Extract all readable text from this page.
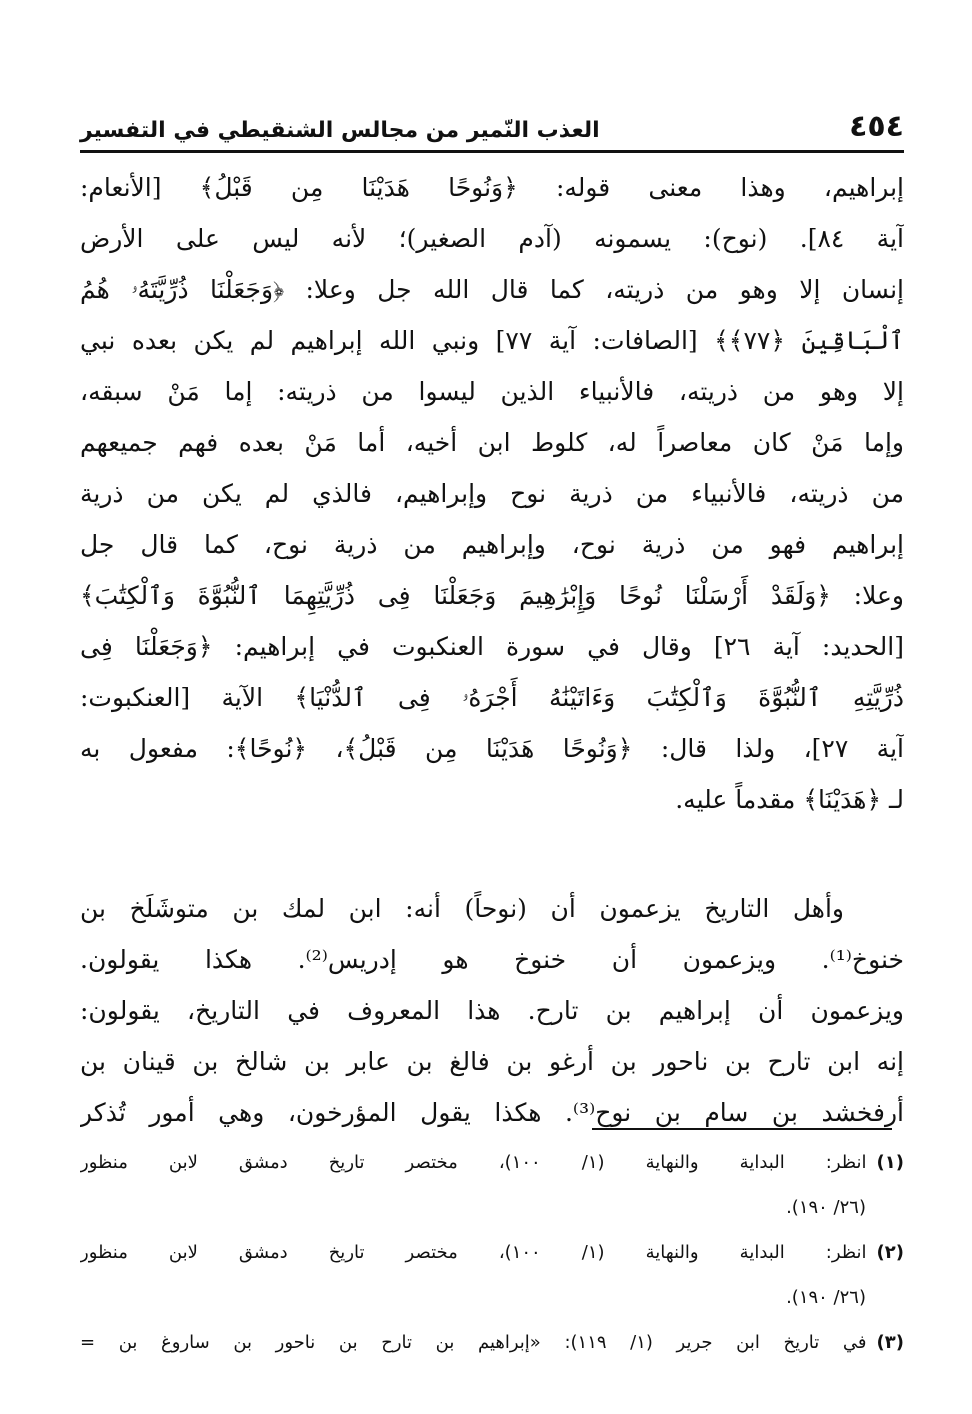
٤٥٤
العذب النّمير من مجالس الشنقيطي في التفسير
إبراهيم، وهذا معنى قوله: ﴿وَنُوحًا هَدَيْنَا مِن قَبْلُ﴾ [الأنعام:
آية ٨٤]. (نوح): يسمونه (آدم الصغير)؛ لأنه ليس على الأرض
إنسان إلا وهو من ذريته، كما قال الله جل وعلا: ﴿وَجَعَلْنَا ذُرِّيَّتَهُۥ هُمُ
ٱلْبَاقِينَ ﴿٧٧﴾﴾ [الصافات: آية ٧٧] ونبي الله إبراهيم لم يكن بعده نبي
إلا وهو من ذريته، فالأنبياء الذين ليسوا من ذريته: إما مَنْ سبقه،
وإما مَنْ كان معاصراً له، كلوط ابن أخيه، أما مَنْ بعده فهم جميعهم
من ذريته، فالأنبياء من ذرية نوح وإبراهيم، فالذي لم يكن من ذرية
إبراهيم فهو من ذرية نوح، وإبراهيم من ذرية نوح، كما قال جل
وعلا: ﴿وَلَقَدْ أَرْسَلْنَا نُوحًا وَإِبْرَٰهِيمَ وَجَعَلْنَا فِى ذُرِّيَّتِهِمَا ٱلنُّبُوَّةَ وَٱلْكِتَٰبَ﴾
[الحديد: آية ٢٦] وقال في سورة العنكبوت في إبراهيم: ﴿وَجَعَلْنَا فِى
ذُرِّيَّتِهِ ٱلنُّبُوَّةَ وَٱلْكِتَٰبَ وَءَاتَيْنَٰهُ أَجْرَهُۥ فِى ٱلدُّنْيَا﴾ الآية [العنكبوت:
آية ٢٧]، ولذا قال: ﴿وَنُوحًا هَدَيْنَا مِن قَبْلُ﴾، ﴿نُوحًا﴾: مفعول به
لـ ﴿هَدَيْنَا﴾ مقدماً عليه.
وأهل التاريخ يزعمون أن (نوحاً) أنه: ابن لمك بن متوشَلَخ بن
خنوخ⁽¹⁾. ويزعمون أن خنوخ هو إدريس⁽²⁾. هكذا يقولون.
ويزعمون أن إبراهيم بن تارح. هذا المعروف في التاريخ، يقولون:
إنه ابن تارح بن ناحور بن أرغو بن فالغ بن عابر بن شالخ بن قينان بن
أرفخشد بن سام بن نوح⁽³⁾. هكذا يقول المؤرخون، وهي أمور تُذكر
(١)انظر: البداية والنهاية (١/ ١٠٠)، مختصر تاريخ دمشق لابن منظور
(٢٦/ ١٩٠).
(٢)انظر: البداية والنهاية (١/ ١٠٠)، مختصر تاريخ دمشق لابن منظور
(٢٦/ ١٩٠).
(٣)في تاريخ ابن جرير (١/ ١١٩): «إبراهيم بن تارح بن ناحور بن ساروغ بن =
